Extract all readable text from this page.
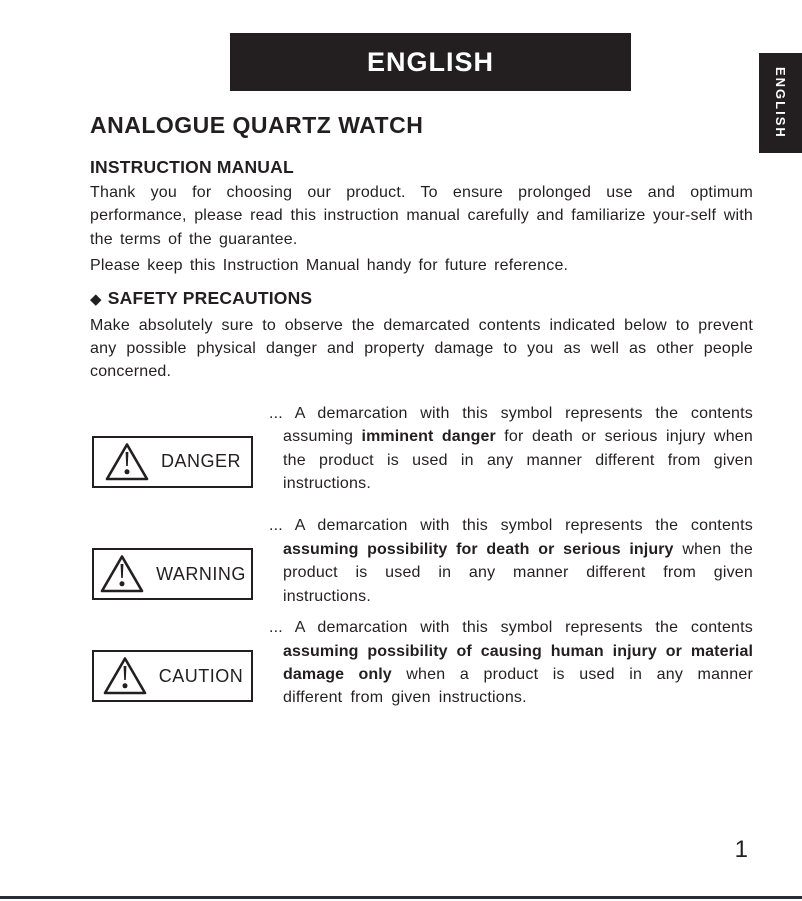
ENGLISH
ENGLISH
ANALOGUE QUARTZ WATCH
INSTRUCTION MANUAL

Thank you for choosing our product. To ensure prolonged use and optimum performance, please read this instruction manual carefully and familiarize your-self with the terms of the guarantee.

Please keep this Instruction Manual handy for future reference.

◆ SAFETY PRECAUTIONS

Make absolutely sure to observe the demarcated contents indicated below to prevent any possible physical danger and property damage to you as well as other people concerned.

DANGER

... A demarcation with this symbol represents the contents assuming imminent danger for death or serious injury when the product is used in any manner different from given instructions.

WARNING

... A demarcation with this symbol represents the contents assuming possibility for death or serious injury when the product is used in any manner different from given instructions.

CAUTION

... A demarcation with this symbol represents the contents assuming possibility of causing human injury or material damage only when a product is used in any manner different from given instructions.

1
